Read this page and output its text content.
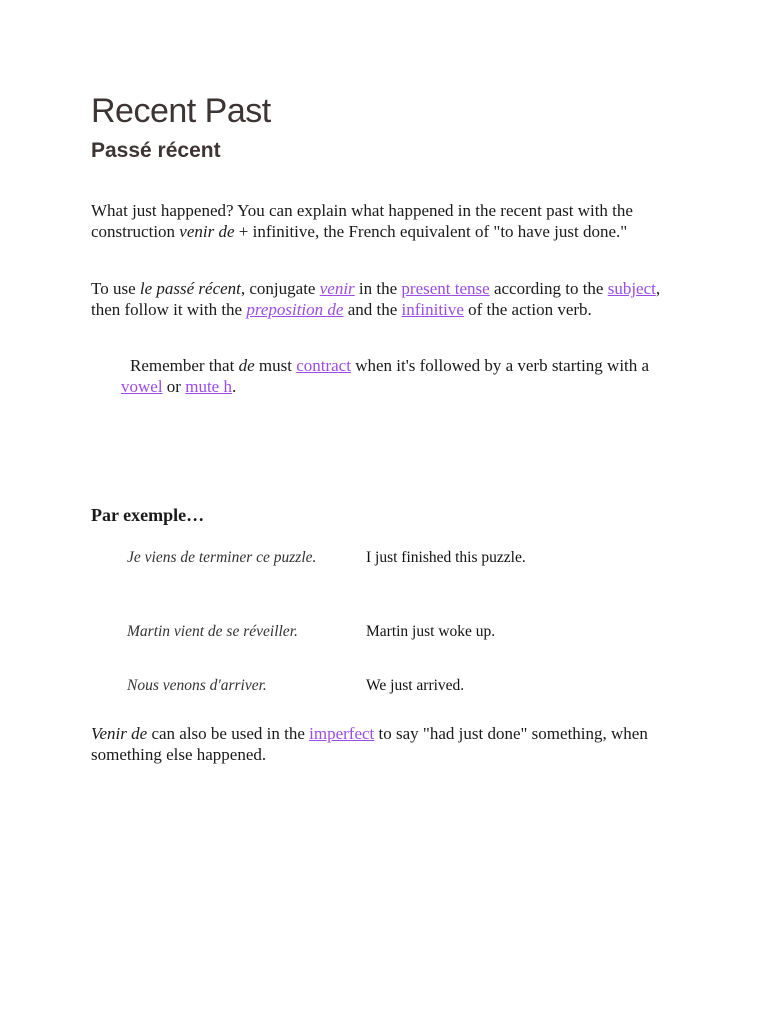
Recent Past
Passé récent

What just happened? You can explain what happened in the recent past with the construction venir de + infinitive, the French equivalent of "to have just done."

To use le passé récent, conjugate venir in the present tense according to the subject, then follow it with the preposition de and the infinitive of the action verb.

Remember that de must contract when it's followed by a verb starting with a vowel or mute h.

Par exemple…
Je viens de terminer ce puzzle.	I just finished this puzzle.
Martin vient de se réveiller.	Martin just woke up.
Nous venons d'arriver.	We just arrived.

Venir de can also be used in the imperfect to say "had just done" something, when something else happened.
